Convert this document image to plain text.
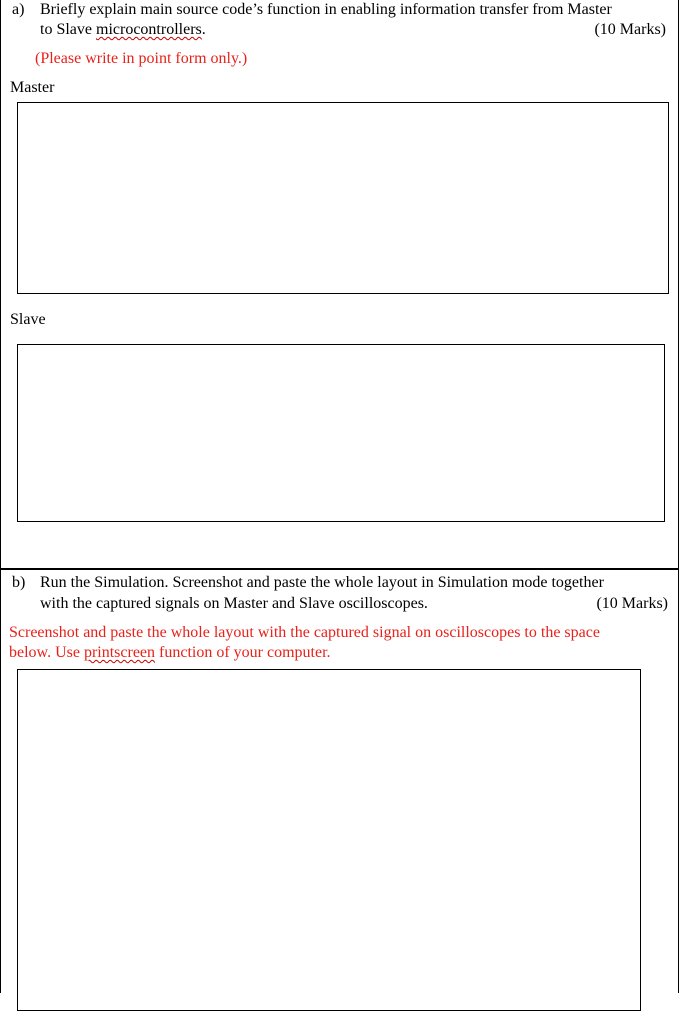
a) Briefly explain main source code’s function in enabling information transfer from Master
to Slave microcontrollers.	(10 Marks)
(Please write in point form only.)
Master
Slave
b) Run the Simulation. Screenshot and paste the whole layout in Simulation mode together
with the captured signals on Master and Slave oscilloscopes.	(10 Marks)
Screenshot and paste the whole layout with the captured signal on oscilloscopes to the space
below. Use printscreen function of your computer.
